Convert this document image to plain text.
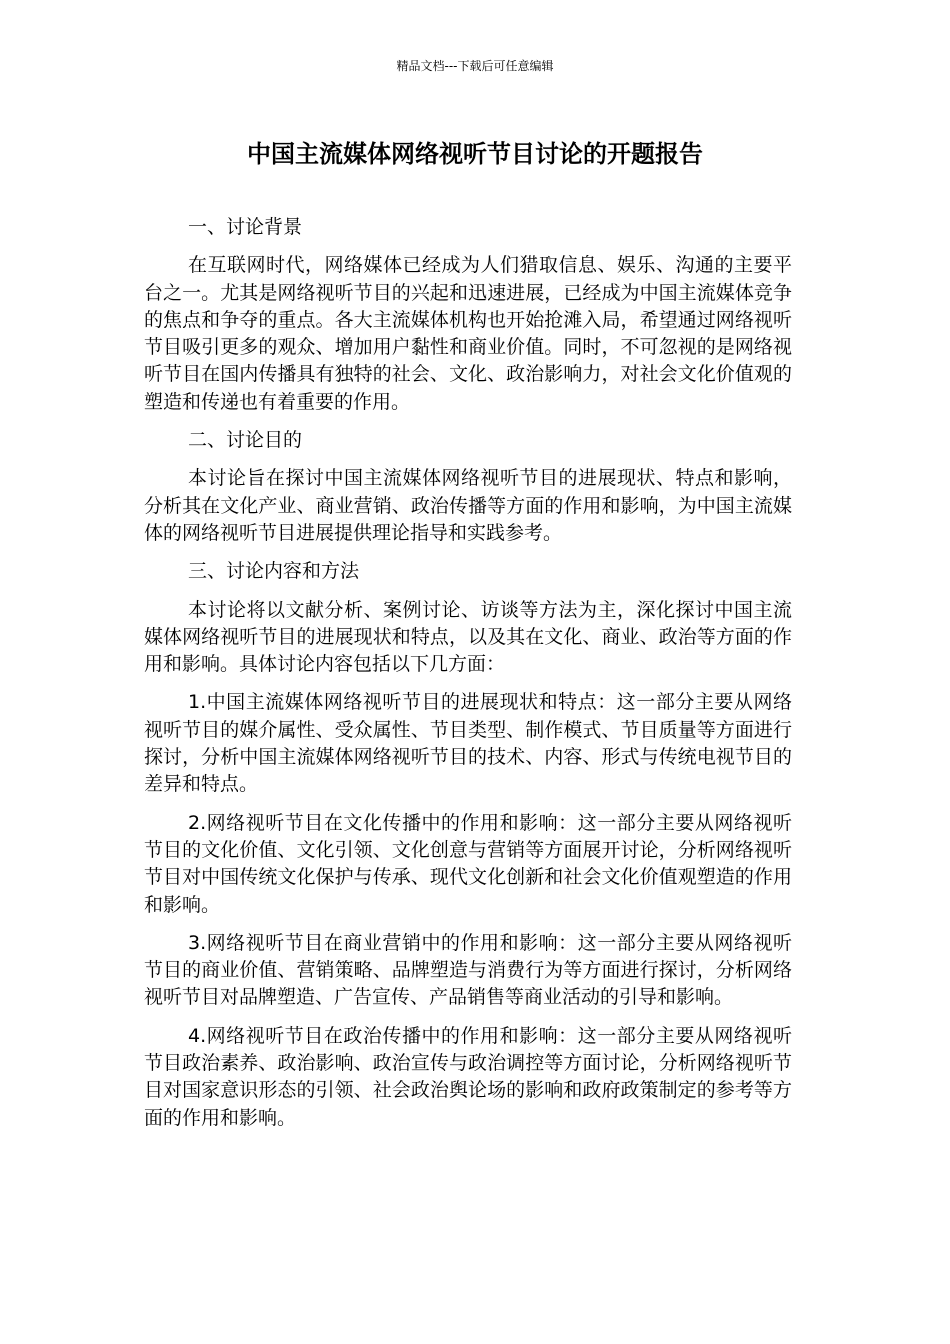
精品文档---下载后可任意编辑
中国主流媒体网络视听节目讨论的开题报告
一、讨论背景

在互联网时代，网络媒体已经成为人们猎取信息、娱乐、沟通的主要平台之一。尤其是网络视听节目的兴起和迅速进展，已经成为中国主流媒体竞争的焦点和争夺的重点。各大主流媒体机构也开始抢滩入局，希望通过网络视听节目吸引更多的观众、增加用户黏性和商业价值。同时，不可忽视的是网络视听节目在国内传播具有独特的社会、文化、政治影响力，对社会文化价值观的塑造和传递也有着重要的作用。

二、讨论目的

本讨论旨在探讨中国主流媒体网络视听节目的进展现状、特点和影响，分析其在文化产业、商业营销、政治传播等方面的作用和影响，为中国主流媒体的网络视听节目进展提供理论指导和实践参考。

三、讨论内容和方法

本讨论将以文献分析、案例讨论、访谈等方法为主，深化探讨中国主流媒体网络视听节目的进展现状和特点，以及其在文化、商业、政治等方面的作用和影响。具体讨论内容包括以下几方面：

1.中国主流媒体网络视听节目的进展现状和特点：这一部分主要从网络视听节目的媒介属性、受众属性、节目类型、制作模式、节目质量等方面进行探讨，分析中国主流媒体网络视听节目的技术、内容、形式与传统电视节目的差异和特点。

2.网络视听节目在文化传播中的作用和影响：这一部分主要从网络视听节目的文化价值、文化引领、文化创意与营销等方面展开讨论，分析网络视听节目对中国传统文化保护与传承、现代文化创新和社会文化价值观塑造的作用和影响。

3.网络视听节目在商业营销中的作用和影响：这一部分主要从网络视听节目的商业价值、营销策略、品牌塑造与消费行为等方面进行探讨，分析网络视听节目对品牌塑造、广告宣传、产品销售等商业活动的引导和影响。

4.网络视听节目在政治传播中的作用和影响：这一部分主要从网络视听节目政治素养、政治影响、政治宣传与政治调控等方面讨论，分析网络视听节目对国家意识形态的引领、社会政治舆论场的影响和政府政策制定的参考等方面的作用和影响。
